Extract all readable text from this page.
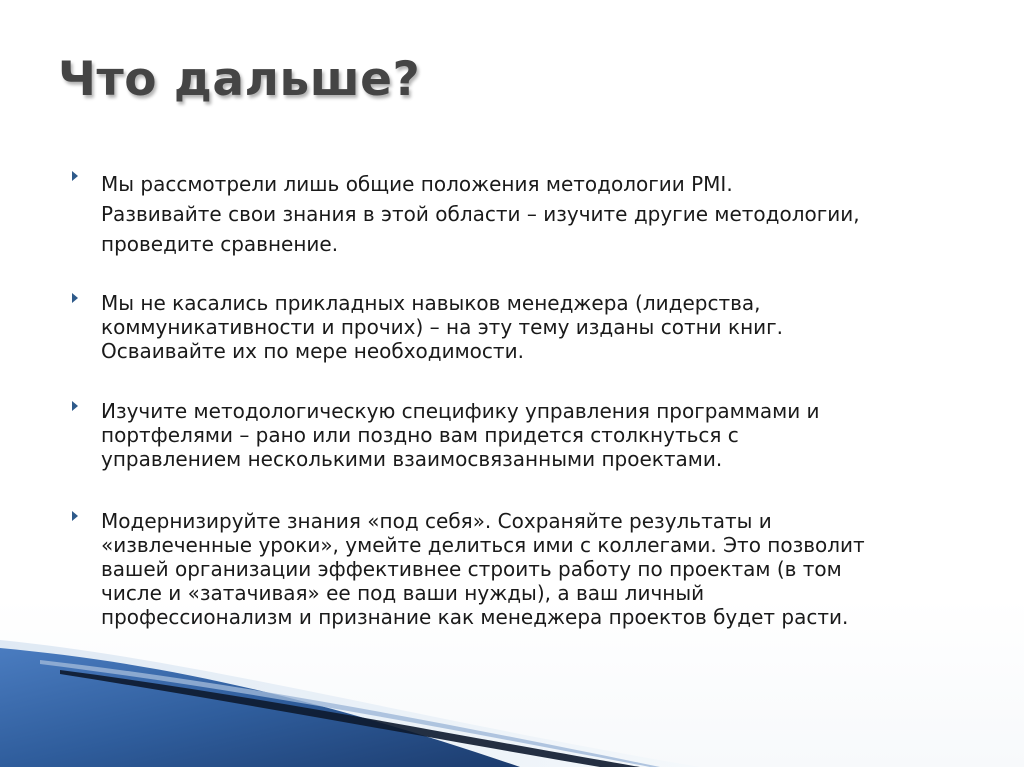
Что дальше?
Мы рассмотрели лишь общие положения методологии PMI.
Развивайте свои знания в этой области – изучите другие методологии,
проведите сравнение.
Мы не касались прикладных навыков менеджера (лидерства,
коммуникативности и прочих) – на эту тему изданы сотни книг.
Осваивайте их по мере необходимости.
Изучите методологическую специфику управления программами и
портфелями – рано или поздно вам придется столкнуться с
управлением несколькими взаимосвязанными проектами.
Модернизируйте знания «под себя». Сохраняйте результаты и
«извлеченные уроки», умейте делиться ими с коллегами. Это позволит
вашей организации эффективнее строить работу по проектам (в том
числе и «затачивая» ее под ваши нужды), а ваш личный
профессионализм и признание как менеджера проектов будет расти.
